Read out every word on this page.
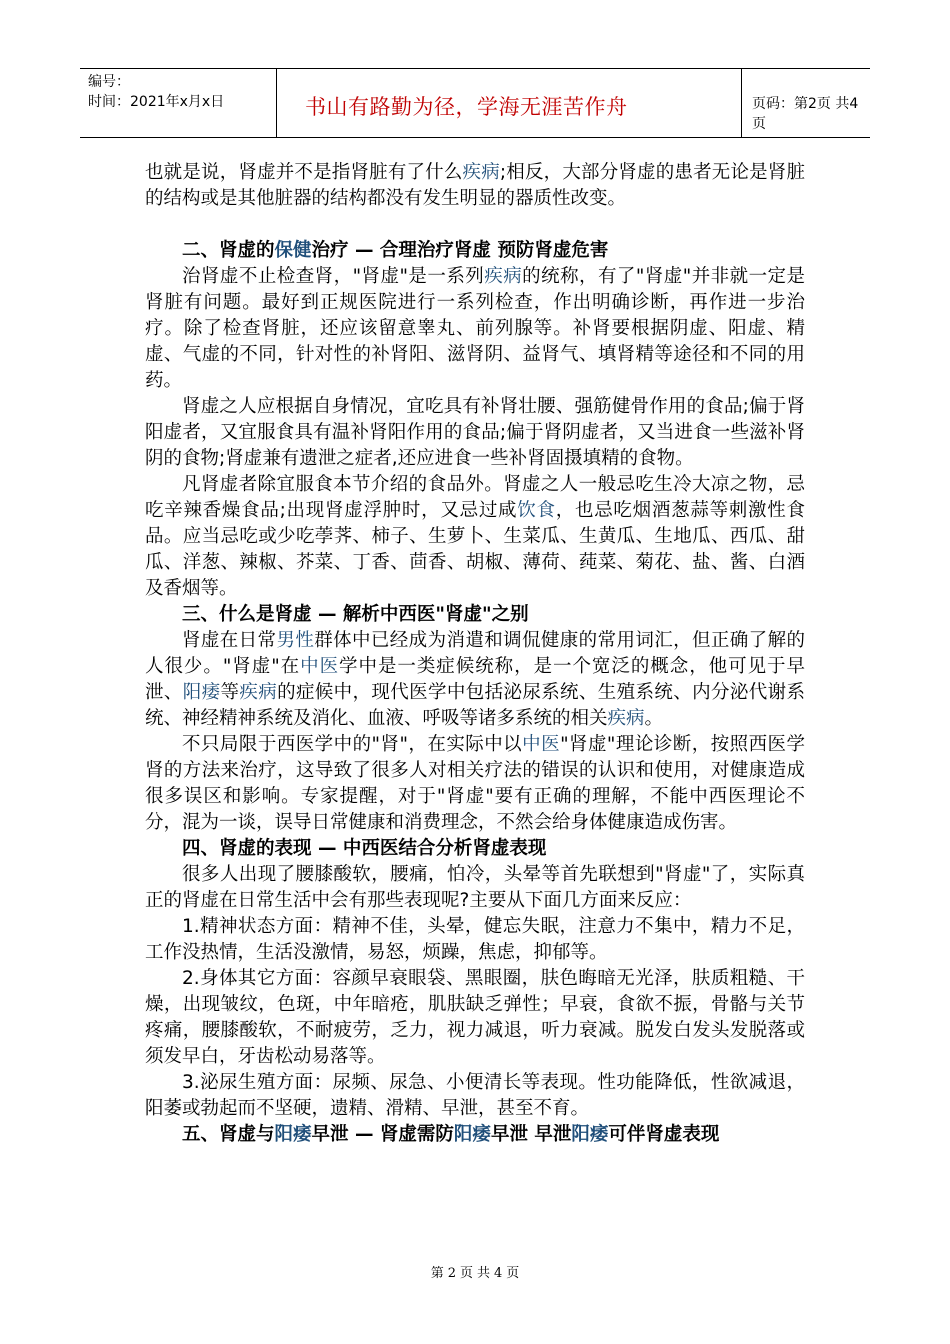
编号：
时间：2021年x月x日	书山有路勤为径，学海无涯苦作舟	页码：第2页 共4页

也就是说，肾虚并不是指肾脏有了什么疾病;相反，大部分肾虚的患者无论是肾脏的结构或是其他脏器的结构都没有发生明显的器质性改变。

二、肾虚的保健治疗 — 合理治疗肾虚 预防肾虚危害

治肾虚不止检查肾，"肾虚"是一系列疾病的统称，有了"肾虚"并非就一定是肾脏有问题。最好到正规医院进行一系列检查，作出明确诊断，再作进一步治疗。除了检查肾脏，还应该留意睾丸、前列腺等。补肾要根据阴虚、阳虚、精虚、气虚的不同，针对性的补肾阳、滋肾阴、益肾气、填肾精等途径和不同的用药。

肾虚之人应根据自身情况，宜吃具有补肾壮腰、强筋健骨作用的食品;偏于肾阳虚者，又宜服食具有温补肾阳作用的食品;偏于肾阴虚者，又当进食一些滋补肾阴的食物;肾虚兼有遗泄之症者,还应进食一些补肾固摄填精的食物。

凡肾虚者除宜服食本节介绍的食品外。肾虚之人一般忌吃生冷大凉之物，忌吃辛辣香燥食品;出现肾虚浮肿时，又忌过咸饮食，也忌吃烟酒葱蒜等刺激性食品。应当忌吃或少吃荸荠、柿子、生萝卜、生菜瓜、生黄瓜、生地瓜、西瓜、甜瓜、洋葱、辣椒、芥菜、丁香、茴香、胡椒、薄荷、莼菜、菊花、盐、酱、白酒及香烟等。

三、什么是肾虚 — 解析中西医"肾虚"之别

肾虚在日常男性群体中已经成为消遣和调侃健康的常用词汇，但正确了解的人很少。"肾虚"在中医学中是一类症候统称，是一个宽泛的概念，他可见于早泄、阳痿等疾病的症候中，现代医学中包括泌尿系统、生殖系统、内分泌代谢系统、神经精神系统及消化、血液、呼吸等诸多系统的相关疾病。

不只局限于西医学中的"肾"，在实际中以中医"肾虚"理论诊断，按照西医学肾的方法来治疗，这导致了很多人对相关疗法的错误的认识和使用，对健康造成很多误区和影响。专家提醒，对于"肾虚"要有正确的理解，不能中西医理论不分，混为一谈，误导日常健康和消费理念，不然会给身体健康造成伤害。

四、肾虚的表现 — 中西医结合分析肾虚表现

很多人出现了腰膝酸软，腰痛，怕冷，头晕等首先联想到"肾虚"了，实际真正的肾虚在日常生活中会有那些表现呢?主要从下面几方面来反应：

1.精神状态方面：精神不佳，头晕，健忘失眠，注意力不集中，精力不足，工作没热情，生活没激情，易怒，烦躁，焦虑，抑郁等。

2.身体其它方面：容颜早衰眼袋、黑眼圈，肤色晦暗无光泽，肤质粗糙、干燥，出现皱纹，色斑，中年暗疮，肌肤缺乏弹性；早衰，食欲不振，骨骼与关节疼痛，腰膝酸软，不耐疲劳，乏力，视力减退，听力衰减。脱发白发头发脱落或须发早白，牙齿松动易落等。

3.泌尿生殖方面：尿频、尿急、小便清长等表现。性功能降低，性欲减退，阳萎或勃起而不坚硬，遗精、滑精、早泄，甚至不育。

五、肾虚与阳痿早泄 — 肾虚需防阳痿早泄 早泄阳痿可伴肾虚表现

第 2 页 共 4 页
